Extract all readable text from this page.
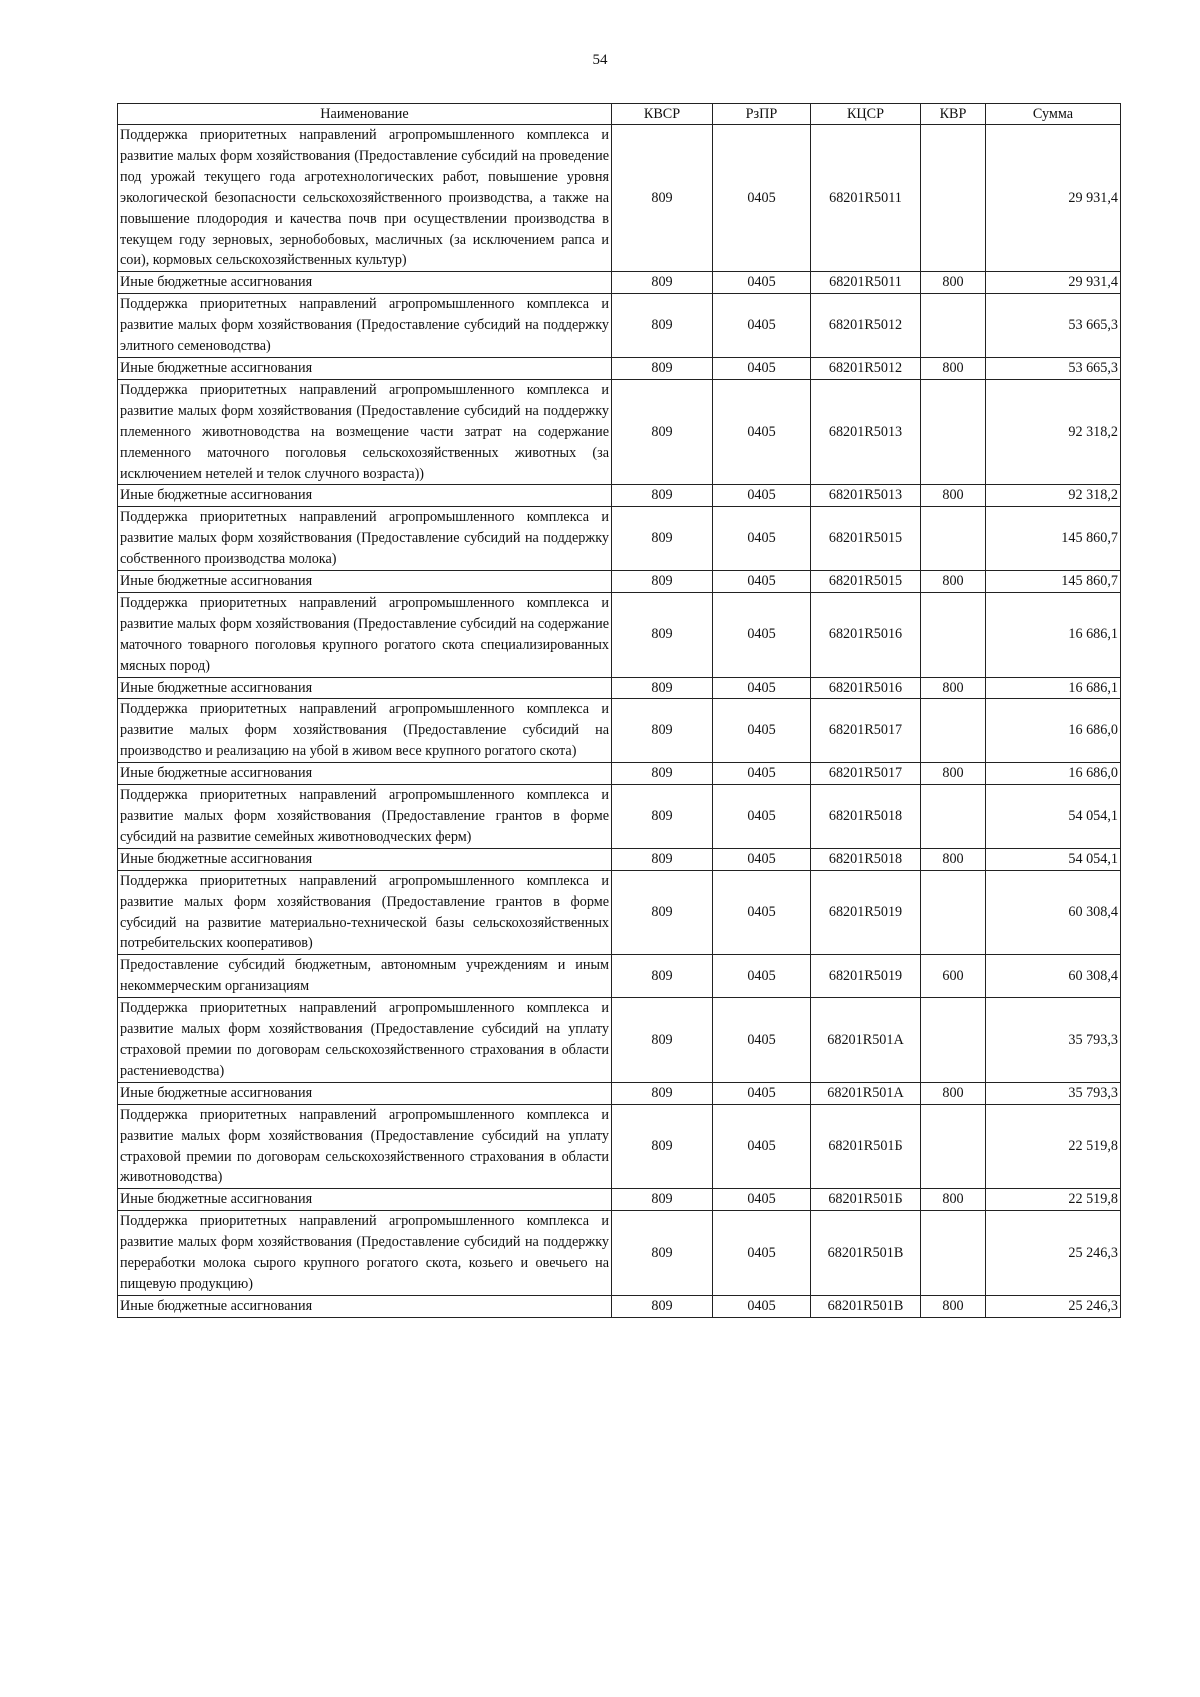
54
Наименование	КВСР	РзПР	КЦСР	КВР	Сумма
Поддержка приоритетных направлений агропромышленного комплекса и развитие малых форм хозяйствования (Предоставление субсидий на проведение под урожай текущего года агротехнологических работ, повышение уровня экологической безопасности сельскохозяйственного производства, а также на повышение плодородия и качества почв при осуществлении производства в текущем году зерновых, зернобобовых, масличных (за исключением рапса и сои), кормовых сельскохозяйственных культур)	809	0405	68201R5011		29 931,4
Иные бюджетные ассигнования	809	0405	68201R5011	800	29 931,4
Поддержка приоритетных направлений агропромышленного комплекса и развитие малых форм хозяйствования (Предоставление субсидий на поддержку элитного семеноводства)	809	0405	68201R5012		53 665,3
Иные бюджетные ассигнования	809	0405	68201R5012	800	53 665,3
Поддержка приоритетных направлений агропромышленного комплекса и развитие малых форм хозяйствования (Предоставление субсидий на поддержку племенного животноводства на возмещение части затрат на содержание племенного маточного поголовья сельскохозяйственных животных (за исключением нетелей и телок случного возраста))	809	0405	68201R5013		92 318,2
Иные бюджетные ассигнования	809	0405	68201R5013	800	92 318,2
Поддержка приоритетных направлений агропромышленного комплекса и развитие малых форм хозяйствования (Предоставление субсидий на поддержку собственного производства молока)	809	0405	68201R5015		145 860,7
Иные бюджетные ассигнования	809	0405	68201R5015	800	145 860,7
Поддержка приоритетных направлений агропромышленного комплекса и развитие малых форм хозяйствования (Предоставление субсидий на содержание маточного товарного поголовья крупного рогатого скота специализированных мясных пород)	809	0405	68201R5016		16 686,1
Иные бюджетные ассигнования	809	0405	68201R5016	800	16 686,1
Поддержка приоритетных направлений агропромышленного комплекса и развитие малых форм хозяйствования (Предоставление субсидий на производство и реализацию на убой в живом весе крупного рогатого скота)	809	0405	68201R5017		16 686,0
Иные бюджетные ассигнования	809	0405	68201R5017	800	16 686,0
Поддержка приоритетных направлений агропромышленного комплекса и развитие малых форм хозяйствования (Предоставление грантов в форме субсидий на развитие семейных животноводческих ферм)	809	0405	68201R5018		54 054,1
Иные бюджетные ассигнования	809	0405	68201R5018	800	54 054,1
Поддержка приоритетных направлений агропромышленного комплекса и развитие малых форм хозяйствования (Предоставление грантов в форме субсидий на развитие материально-технической базы сельскохозяйственных потребительских кооперативов)	809	0405	68201R5019		60 308,4
Предоставление субсидий бюджетным, автономным учреждениям и иным некоммерческим организациям	809	0405	68201R5019	600	60 308,4
Поддержка приоритетных направлений агропромышленного комплекса и развитие малых форм хозяйствования (Предоставление субсидий на уплату страховой премии по договорам сельскохозяйственного страхования в области растениеводства)	809	0405	68201R501A		35 793,3
Иные бюджетные ассигнования	809	0405	68201R501A	800	35 793,3
Поддержка приоритетных направлений агропромышленного комплекса и развитие малых форм хозяйствования (Предоставление субсидий на уплату страховой премии по договорам сельскохозяйственного страхования в области животноводства)	809	0405	68201R501Б		22 519,8
Иные бюджетные ассигнования	809	0405	68201R501Б	800	22 519,8
Поддержка приоритетных направлений агропромышленного комплекса и развитие малых форм хозяйствования (Предоставление субсидий на поддержку переработки молока сырого крупного рогатого скота, козьего и овечьего на пищевую продукцию)	809	0405	68201R501В		25 246,3
Иные бюджетные ассигнования	809	0405	68201R501В	800	25 246,3
